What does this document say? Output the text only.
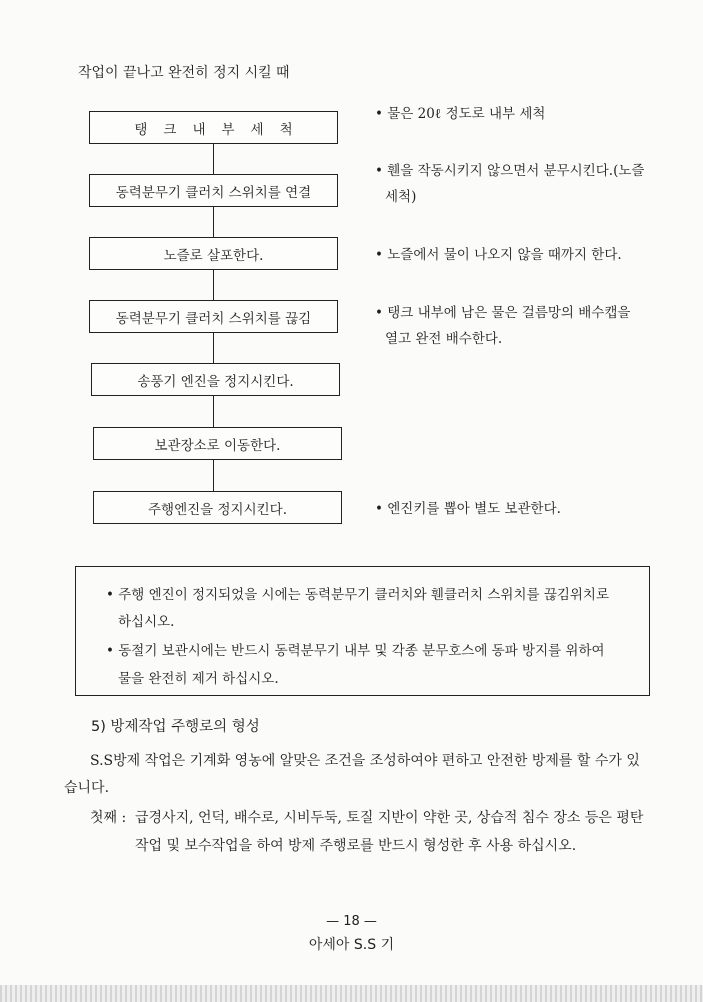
작업이 끝나고 완전히 정지 시킬 때
탱크내부세척
동력분무기 클러치 스위치를 연결
노즐로 살포한다.
동력분무기 클러치 스위치를 끊김
송풍기 엔진을 정지시킨다.
보관장소로 이동한다.
주행엔진을 정지시킨다.
• 물은 20ℓ 정도로 내부 세척
• 휀을 작동시키지 않으면서 분무시킨다.(노즐
세척)
• 노즐에서 물이 나오지 않을 때까지 한다.
• 탱크 내부에 남은 물은 걸름망의 배수캡을
열고 완전 배수한다.
• 엔진키를 뽑아 별도 보관한다.
• 주행 엔진이 정지되었을 시에는 동력분무기 클러치와 휀클러치 스위치를 끊김위치로
하십시오.
• 동절기 보관시에는 반드시 동력분무기 내부 및 각종 분무호스에 동파 방지를 위하여
물을 완전히 제거 하십시오.
5) 방제작업 주행로의 형성
S.S방제 작업은 기계화 영농에 알맞은 조건을 조성하여야 편하고 안전한 방제를 할 수가 있
습니다.
첫째 : 급경사지, 언덕, 배수로, 시비두둑, 토질 지반이 약한 곳, 상습적 침수 장소 등은 평탄
작업 및 보수작업을 하여 방제 주행로를 반드시 형성한 후 사용 하십시오.
— 18 —
아세아 S.S 기
